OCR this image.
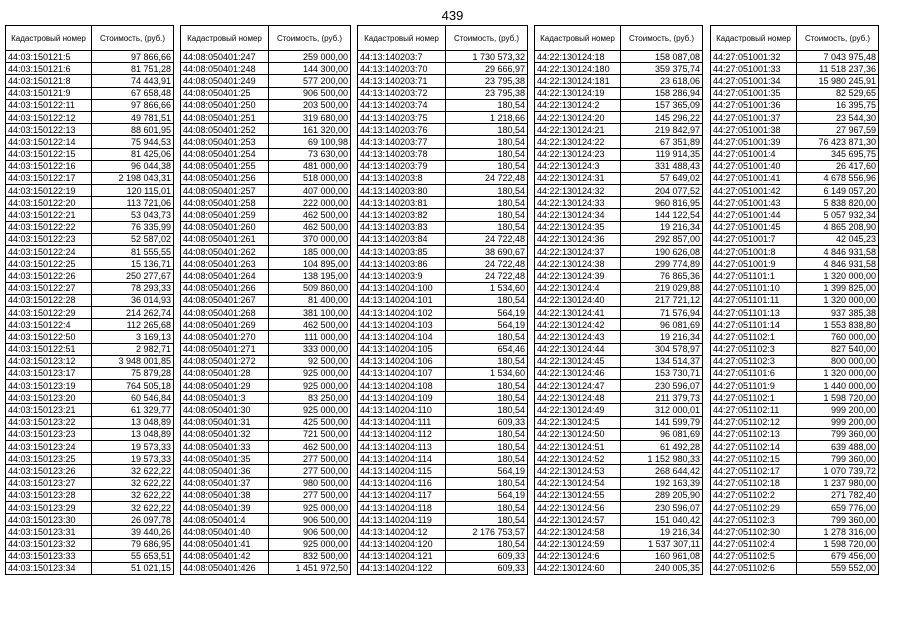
439
Кадастровый номер	Стоимость, (руб.)
44:03:150121:5	97 866,66
44:03:150121:6	81 751,28
44:03:150121:8	74 443,91
44:03:150121:9	67 658,48
44:03:150122:11	97 866,66
44:03:150122:12	49 781,51
44:03:150122:13	88 601,95
44:03:150122:14	75 944,53
44:03:150122:15	81 425,06
44:03:150122:16	96 044,38
44:03:150122:17	2 198 043,31
44:03:150122:19	120 115,01
44:03:150122:20	113 721,06
44:03:150122:21	53 043,73
44:03:150122:22	76 335,99
44:03:150122:23	52 587,02
44:03:150122:24	81 555,55
44:03:150122:25	15 136,71
44:03:150122:26	250 277,67
44:03:150122:27	78 293,33
44:03:150122:28	36 014,93
44:03:150122:29	214 262,74
44:03:150122:4	112 265,68
44:03:150122:50	3 169,13
44:03:150122:51	2 982,71
44:03:150123:12	3 948 001,85
44:03:150123:17	75 879,28
44:03:150123:19	764 505,18
44:03:150123:20	60 546,84
44:03:150123:21	61 329,77
44:03:150123:22	13 048,89
44:03:150123:23	13 048,89
44:03:150123:24	19 573,33
44:03:150123:25	19 573,33
44:03:150123:26	32 622,22
44:03:150123:27	32 622,22
44:03:150123:28	32 622,22
44:03:150123:29	32 622,22
44:03:150123:30	26 097,78
44:03:150123:31	39 440,26
44:03:150123:32	79 686,95
44:03:150123:33	55 653,51
44:03:150123:34	51 021,15
Кадастровый номер	Стоимость, (руб.)
44:08:050401:247	259 000,00
44:08:050401:248	144 300,00
44:08:050401:249	577 200,00
44:08:050401:25	906 500,00
44:08:050401:250	203 500,00
44:08:050401:251	319 680,00
44:08:050401:252	161 320,00
44:08:050401:253	69 100,98
44:08:050401:254	73 630,00
44:08:050401:255	481 000,00
44:08:050401:256	518 000,00
44:08:050401:257	407 000,00
44:08:050401:258	222 000,00
44:08:050401:259	462 500,00
44:08:050401:260	462 500,00
44:08:050401:261	370 000,00
44:08:050401:262	185 000,00
44:08:050401:263	104 895,00
44:08:050401:264	138 195,00
44:08:050401:266	509 860,00
44:08:050401:267	81 400,00
44:08:050401:268	381 100,00
44:08:050401:269	462 500,00
44:08:050401:270	111 000,00
44:08:050401:271	333 000,00
44:08:050401:272	92 500,00
44:08:050401:28	925 000,00
44:08:050401:29	925 000,00
44:08:050401:3	83 250,00
44:08:050401:30	925 000,00
44:08:050401:31	425 500,00
44:08:050401:32	721 500,00
44:08:050401:33	462 500,00
44:08:050401:35	277 500,00
44:08:050401:36	277 500,00
44:08:050401:37	980 500,00
44:08:050401:38	277 500,00
44:08:050401:39	925 000,00
44:08:050401:4	906 500,00
44:08:050401:40	906 500,00
44:08:050401:41	925 000,00
44:08:050401:42	832 500,00
44:08:050401:426	1 451 972,50
Кадастровый номер	Стоимость, (руб.)
44:13:140203:7	1 730 573,32
44:13:140203:70	29 666,97
44:13:140203:71	23 795,38
44:13:140203:72	23 795,38
44:13:140203:74	180,54
44:13:140203:75	1 218,66
44:13:140203:76	180,54
44:13:140203:77	180,54
44:13:140203:78	180,54
44:13:140203:79	180,54
44:13:140203:8	24 722,48
44:13:140203:80	180,54
44:13:140203:81	180,54
44:13:140203:82	180,54
44:13:140203:83	180,54
44:13:140203:84	24 722,48
44:13:140203:85	38 690,67
44:13:140203:86	24 722,48
44:13:140203:9	24 722,48
44:13:140204:100	1 534,60
44:13:140204:101	180,54
44:13:140204:102	564,19
44:13:140204:103	564,19
44:13:140204:104	180,54
44:13:140204:105	654,46
44:13:140204:106	180,54
44:13:140204:107	1 534,60
44:13:140204:108	180,54
44:13:140204:109	180,54
44:13:140204:110	180,54
44:13:140204:111	609,33
44:13:140204:112	180,54
44:13:140204:113	180,54
44:13:140204:114	180,54
44:13:140204:115	564,19
44:13:140204:116	180,54
44:13:140204:117	564,19
44:13:140204:118	180,54
44:13:140204:119	180,54
44:13:140204:12	2 176 753,57
44:13:140204:120	180,54
44:13:140204:121	609,33
44:13:140204:122	609,33
Кадастровый номер	Стоимость, (руб.)
44:22:130124:18	158 087,08
44:22:130124:180	359 375,74
44:22:130124:181	23 618,06
44:22:130124:19	158 286,94
44:22:130124:2	157 365,09
44:22:130124:20	145 296,22
44:22:130124:21	219 842,97
44:22:130124:22	67 351,89
44:22:130124:23	119 914,35
44:22:130124:3	331 488,43
44:22:130124:31	57 649,02
44:22:130124:32	204 077,52
44:22:130124:33	960 816,95
44:22:130124:34	144 122,54
44:22:130124:35	19 216,34
44:22:130124:36	292 857,00
44:22:130124:37	190 626,08
44:22:130124:38	299 774,89
44:22:130124:39	76 865,36
44:22:130124:4	219 029,88
44:22:130124:40	217 721,12
44:22:130124:41	71 576,94
44:22:130124:42	96 081,69
44:22:130124:43	19 216,34
44:22:130124:44	304 578,97
44:22:130124:45	134 514,37
44:22:130124:46	153 730,71
44:22:130124:47	230 596,07
44:22:130124:48	211 379,73
44:22:130124:49	312 000,01
44:22:130124:5	141 599,79
44:22:130124:50	96 081,69
44:22:130124:51	61 492,28
44:22:130124:52	1 152 980,33
44:22:130124:53	268 644,42
44:22:130124:54	192 163,39
44:22:130124:55	289 205,90
44:22:130124:56	230 596,07
44:22:130124:57	151 040,42
44:22:130124:58	19 216,34
44:22:130124:59	1 537 307,11
44:22:130124:6	160 961,08
44:22:130124:60	240 005,35
Кадастровый номер	Стоимость, (руб.)
44:27:051001:32	7 043 975,48
44:27:051001:33	11 518 237,36
44:27:051001:34	15 980 245,91
44:27:051001:35	82 529,65
44:27:051001:36	16 395,75
44:27:051001:37	23 544,30
44:27:051001:38	27 967,59
44:27:051001:39	76 423 871,30
44:27:051001:4	345 695,75
44:27:051001:40	26 417,60
44:27:051001:41	4 678 556,96
44:27:051001:42	6 149 057,20
44:27:051001:43	5 838 820,00
44:27:051001:44	5 057 932,34
44:27:051001:45	4 865 208,90
44:27:051001:7	42 045,23
44:27:051001:8	4 846 931,58
44:27:051001:9	4 846 931,58
44:27:051101:1	1 320 000,00
44:27:051101:10	1 399 825,00
44:27:051101:11	1 320 000,00
44:27:051101:13	937 385,38
44:27:051101:14	1 553 838,80
44:27:051102:1	760 000,00
44:27:051102:3	827 540,00
44:27:051102:3	800 000,00
44:27:051101:6	1 320 000,00
44:27:051101:9	1 440 000,00
44:27:051102:1	1 598 720,00
44:27:051102:11	999 200,00
44:27:051102:12	999 200,00
44:27:051102:13	799 360,00
44:27:051102:14	639 488,00
44:27:051102:15	799 360,00
44:27:051102:17	1 070 739,72
44:27:051102:18	1 237 980,00
44:27:051102:2	271 782,40
44:27:051102:29	659 776,00
44:27:051102:3	799 360,00
44:27:051102:30	1 278 316,00
44:27:051102:4	1 598 720,00
44:27:051102:5	679 456,00
44:27:051102:6	559 552,00
